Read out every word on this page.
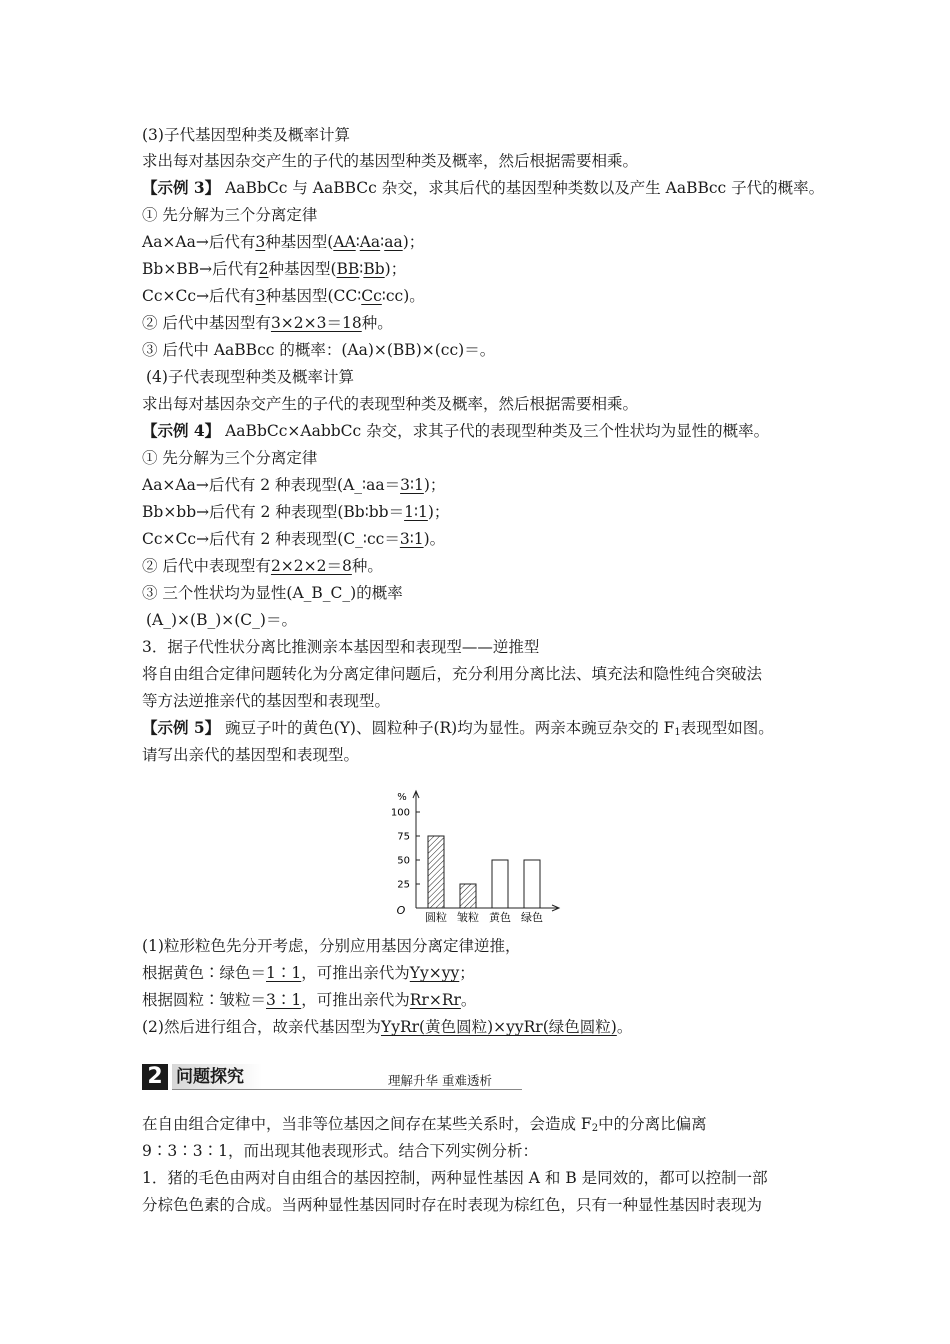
(3)子代基因型种类及概率计算
求出每对基因杂交产生的子代的基因型种类及概率，然后根据需要相乘。
【示例 3】 AaBbCc 与 AaBBCc 杂交，求其后代的基因型种类数以及产生 AaBBcc 子代的概率。
① 先分解为三个分离定律
Aa×Aa→后代有3种基因型(AA∶Aa∶aa)；
Bb×BB→后代有2种基因型(BB∶Bb)；
Cc×Cc→后代有3种基因型(CC∶Cc∶cc)。
② 后代中基因型有3×2×3＝18种。
③ 后代中 AaBBcc 的概率：(Aa)×(BB)×(cc)＝。
(4)子代表现型种类及概率计算
求出每对基因杂交产生的子代的表现型种类及概率，然后根据需要相乘。
【示例 4】 AaBbCc×AabbCc 杂交，求其子代的表现型种类及三个性状均为显性的概率。
① 先分解为三个分离定律
Aa×Aa→后代有 2 种表现型(A_∶aa＝3∶1)；
Bb×bb→后代有 2 种表现型(Bb∶bb＝1∶1)；
Cc×Cc→后代有 2 种表现型(C_∶cc＝3∶1)。
② 后代中表现型有2×2×2＝8种。
③ 三个性状均为显性(A_B_C_)的概率
(A_)×(B_)×(C_)＝。
3．据子代性状分离比推测亲本基因型和表现型——逆推型
将自由组合定律问题转化为分离定律问题后，充分利用分离比法、填充法和隐性纯合突破法
等方法逆推亲代的基因型和表现型。
【示例 5】 豌豆子叶的黄色(Y)、圆粒种子(R)均为显性。两亲本豌豆杂交的 $F_1$表现型如图。
请写出亲代的基因型和表现型。
%
O
25
50
75
100
圆粒 皱粒 黄色 绿色
(1)粒形粒色先分开考虑，分别应用基因分离定律逆推，
根据黄色∶绿色＝1∶1，可推出亲代为Yy×yy；
根据圆粒∶皱粒＝3∶1，可推出亲代为Rr×Rr。
(2)然后进行组合，故亲代基因型为YyRr(黄色圆粒)×yyRr(绿色圆粒)。
2 问题探究	理解升华 重难透析
在自由组合定律中，当非等位基因之间存在某些关系时，会造成 $F_2$中的分离比偏离
9∶3∶3∶1，而出现其他表现形式。结合下列实例分析：
1．猪的毛色由两对自由组合的基因控制，两种显性基因 A 和 B 是同效的，都可以控制一部
分棕色色素的合成。当两种显性基因同时存在时表现为棕红色，只有一种显性基因时表现为
